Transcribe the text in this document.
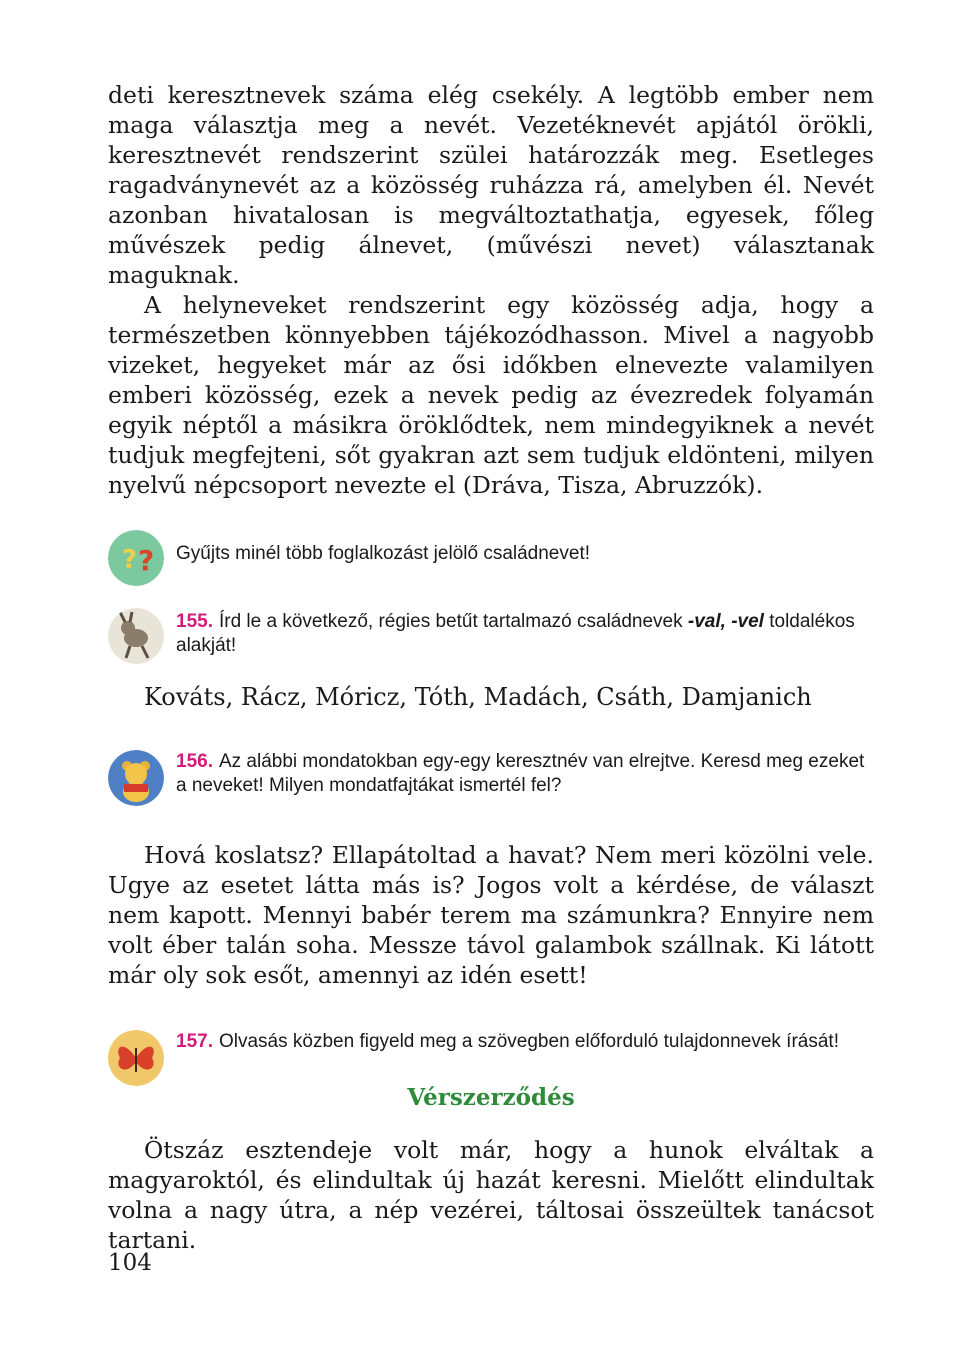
deti keresztnevek száma elég csekély. A legtöbb ember nem maga választja meg a nevét. Vezetéknevét apjától örökli, keresztnevét rendszerint szülei határozzák meg. Esetleges ragadványnevét az a közösség ruházza rá, amelyben él. Nevét azonban hivatalosan is megváltoztathatja, egyesek, főleg művészek pedig álnevet, (művészi nevet) választanak maguknak.

A helyneveket rendszerint egy közösség adja, hogy a természetben könnyebben tájékozódhasson. Mivel a nagyobb vizeket, hegyeket már az ősi időkben elnevezte valamilyen emberi közösség, ezek a nevek pedig az évezredek folyamán egyik néptől a másikra öröklődtek, nem mindegyiknek a nevét tudjuk megfejteni, sőt gyakran azt sem tudjuk eldönteni, milyen nyelvű népcsoport nevezte el (Dráva, Tisza, Abruzzók).

? ? Gyűjts minél több foglalkozást jelölő családnevet!
155. Írd le a következő, régies betűt tartalmazó családnevek -val, -vel toldalékos alakját!

Kováts, Rácz, Móricz, Tóth, Madách, Csáth, Damjanich

156. Az alábbi mondatokban egy-egy keresztnév van elrejtve. Keresd meg ezeket a neveket! Milyen mondatfajtákat ismertél fel?

Hová koslatsz? Ellapátoltad a havat? Nem meri közölni vele. Ugye az esetet látta más is? Jogos volt a kérdése, de választ nem kapott. Mennyi babér terem ma számunkra? Ennyire nem volt éber talán soha. Messze távol galambok szállnak. Ki látott már oly sok esőt, amennyi az idén esett!

157. Olvasás közben figyeld meg a szövegben előforduló tulajdonnevek írását!

Vérszerződés

Ötszáz esztendeje volt már, hogy a hunok elváltak a magyaroktól, és elindultak új hazát keresni. Mielőtt elindultak volna a nagy útra, a nép vezérei, táltosai összeültek tanácsot tartani.

104
